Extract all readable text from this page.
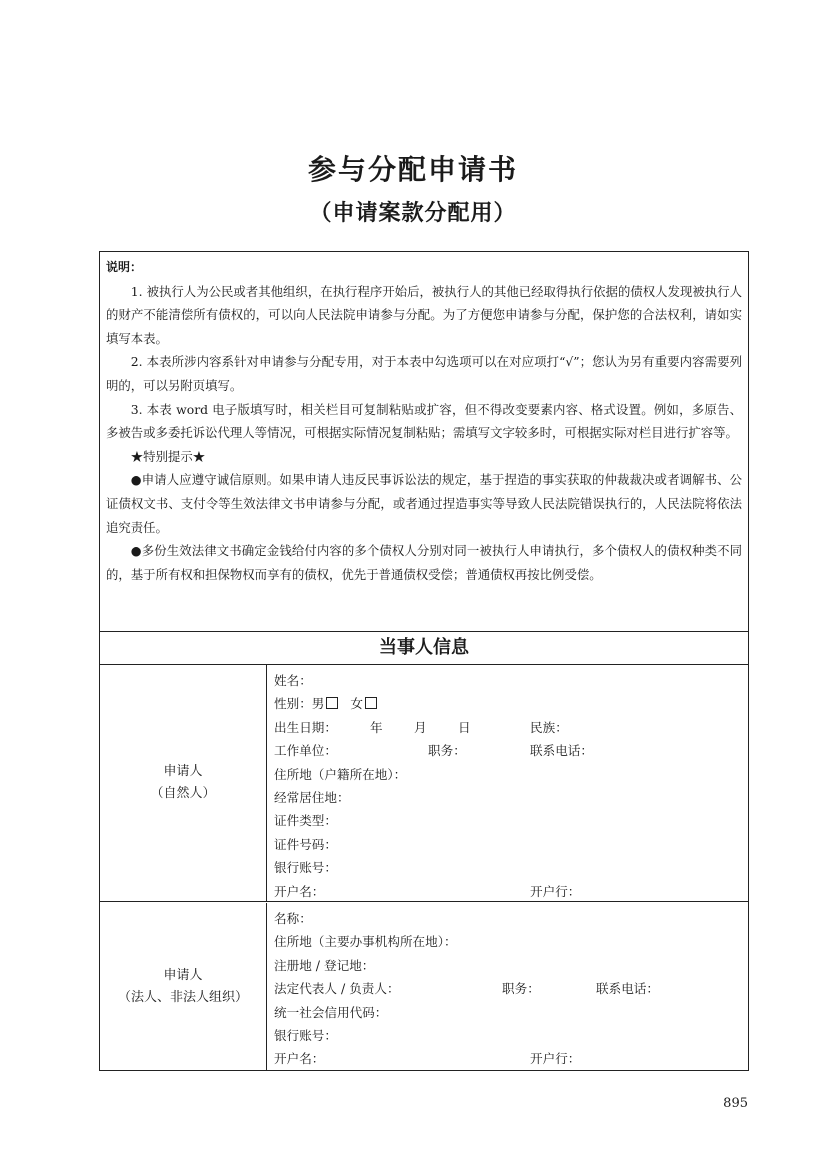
参与分配申请书
（申请案款分配用）

说明：

1. 被执行人为公民或者其他组织，在执行程序开始后，被执行人的其他已经取得执行依据的债权人发现被执行人的财产不能清偿所有债权的，可以向人民法院申请参与分配。为了方便您申请参与分配，保护您的合法权利，请如实填写本表。

2. 本表所涉内容系针对申请参与分配专用，对于本表中勾选项可以在对应项打“√”；您认为另有重要内容需要列明的，可以另附页填写。

3. 本表 word 电子版填写时，相关栏目可复制粘贴或扩容，但不得改变要素内容、格式设置。例如，多原告、多被告或多委托诉讼代理人等情况，可根据实际情况复制粘贴；需填写文字较多时，可根据实际对栏目进行扩容等。

★特别提示★

●申请人应遵守诚信原则。如果申请人违反民事诉讼法的规定，基于捏造的事实获取的仲裁裁决或者调解书、公证债权文书、支付令等生效法律文书申请参与分配，或者通过捏造事实等导致人民法院错误执行的，人民法院将依法追究责任。

●多份生效法律文书确定金钱给付内容的多个债权人分别对同一被执行人申请执行，多个债权人的债权种类不同的，基于所有权和担保物权而享有的债权，优先于普通债权受偿；普通债权再按比例受偿。

当事人信息
申请人
（自然人）
姓名：
性别：男 女
出生日期：	年 月 日	民族：
工作单位：	职务：	联系电话：
住所地（户籍所在地）：
经常居住地：
证件类型：
证件号码：
银行账号：
开户名：	开户行：
申请人
（法人、非法人组织）
名称：
住所地（主要办事机构所在地）：
注册地 / 登记地：
法定代表人 / 负责人：	职务：	联系电话：
统一社会信用代码：
银行账号：
开户名：	开户行：
895
